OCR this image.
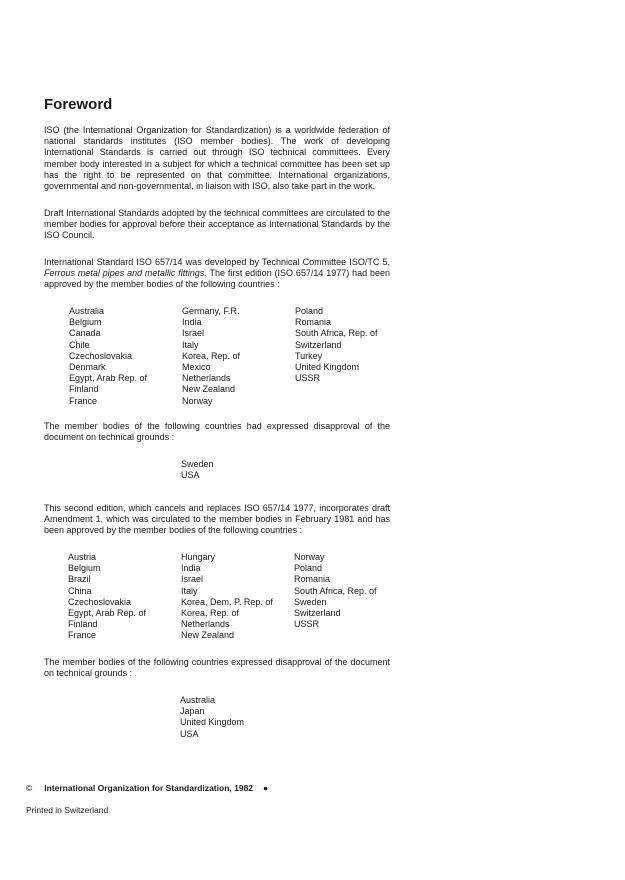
Foreword

ISO (the International Organization for Standardization) is a worldwide federation of national standards institutes (ISO member bodies). The work of developing International Standards is carried out through ISO technical committees. Every member body interested in a subject for which a technical committee has been set up has the right to be represented on that committee. International organizations, governmental and non-governmental, in liaison with ISO, also take part in the work.

Draft International Standards adopted by the technical committees are circulated to the member bodies for approval before their acceptance as International Standards by the ISO Council.

International Standard ISO 657/14 was developed by Technical Committee ISO/TC 5, Ferrous metal pipes and metallic fittings. The first edition (ISO 657/14 1977) had been approved by the member bodies of the following countries :

Australia
Belgium
Canada
Chile
Czechoslovakia
Denmark
Egypt, Arab Rep. of
Finland
France
Germany, F.R.
India
Israel
Italy
Korea, Rep. of
Mexico
Netherlands
New Zealand
Norway
Poland
Romania
South Africa, Rep. of
Switzerland
Turkey
United Kingdom
USSR

The member bodies of the following countries had expressed disapproval of the document on technical grounds :

Sweden
USA

This second edition, which cancels and replaces ISO 657/14 1977, incorporates draft Amendment 1, which was circulated to the member bodies in February 1981 and has been approved by the member bodies of the following countries :

Austria
Belgium
Brazil
China
Czechoslovakia
Egypt, Arab Rep. of
Finland
France
Hungary
India
Israel
Italy
Korea, Dem. P. Rep. of
Korea, Rep. of
Netherlands
New Zealand
Norway
Poland
Romania
South Africa, Rep. of
Sweden
Switzerland
USSR

The member bodies of the following countries expressed disapproval of the document on technical grounds :

Australia
Japan
United Kingdom
USA
© International Organization for Standardization, 1982 ●
Printed in Switzerland
